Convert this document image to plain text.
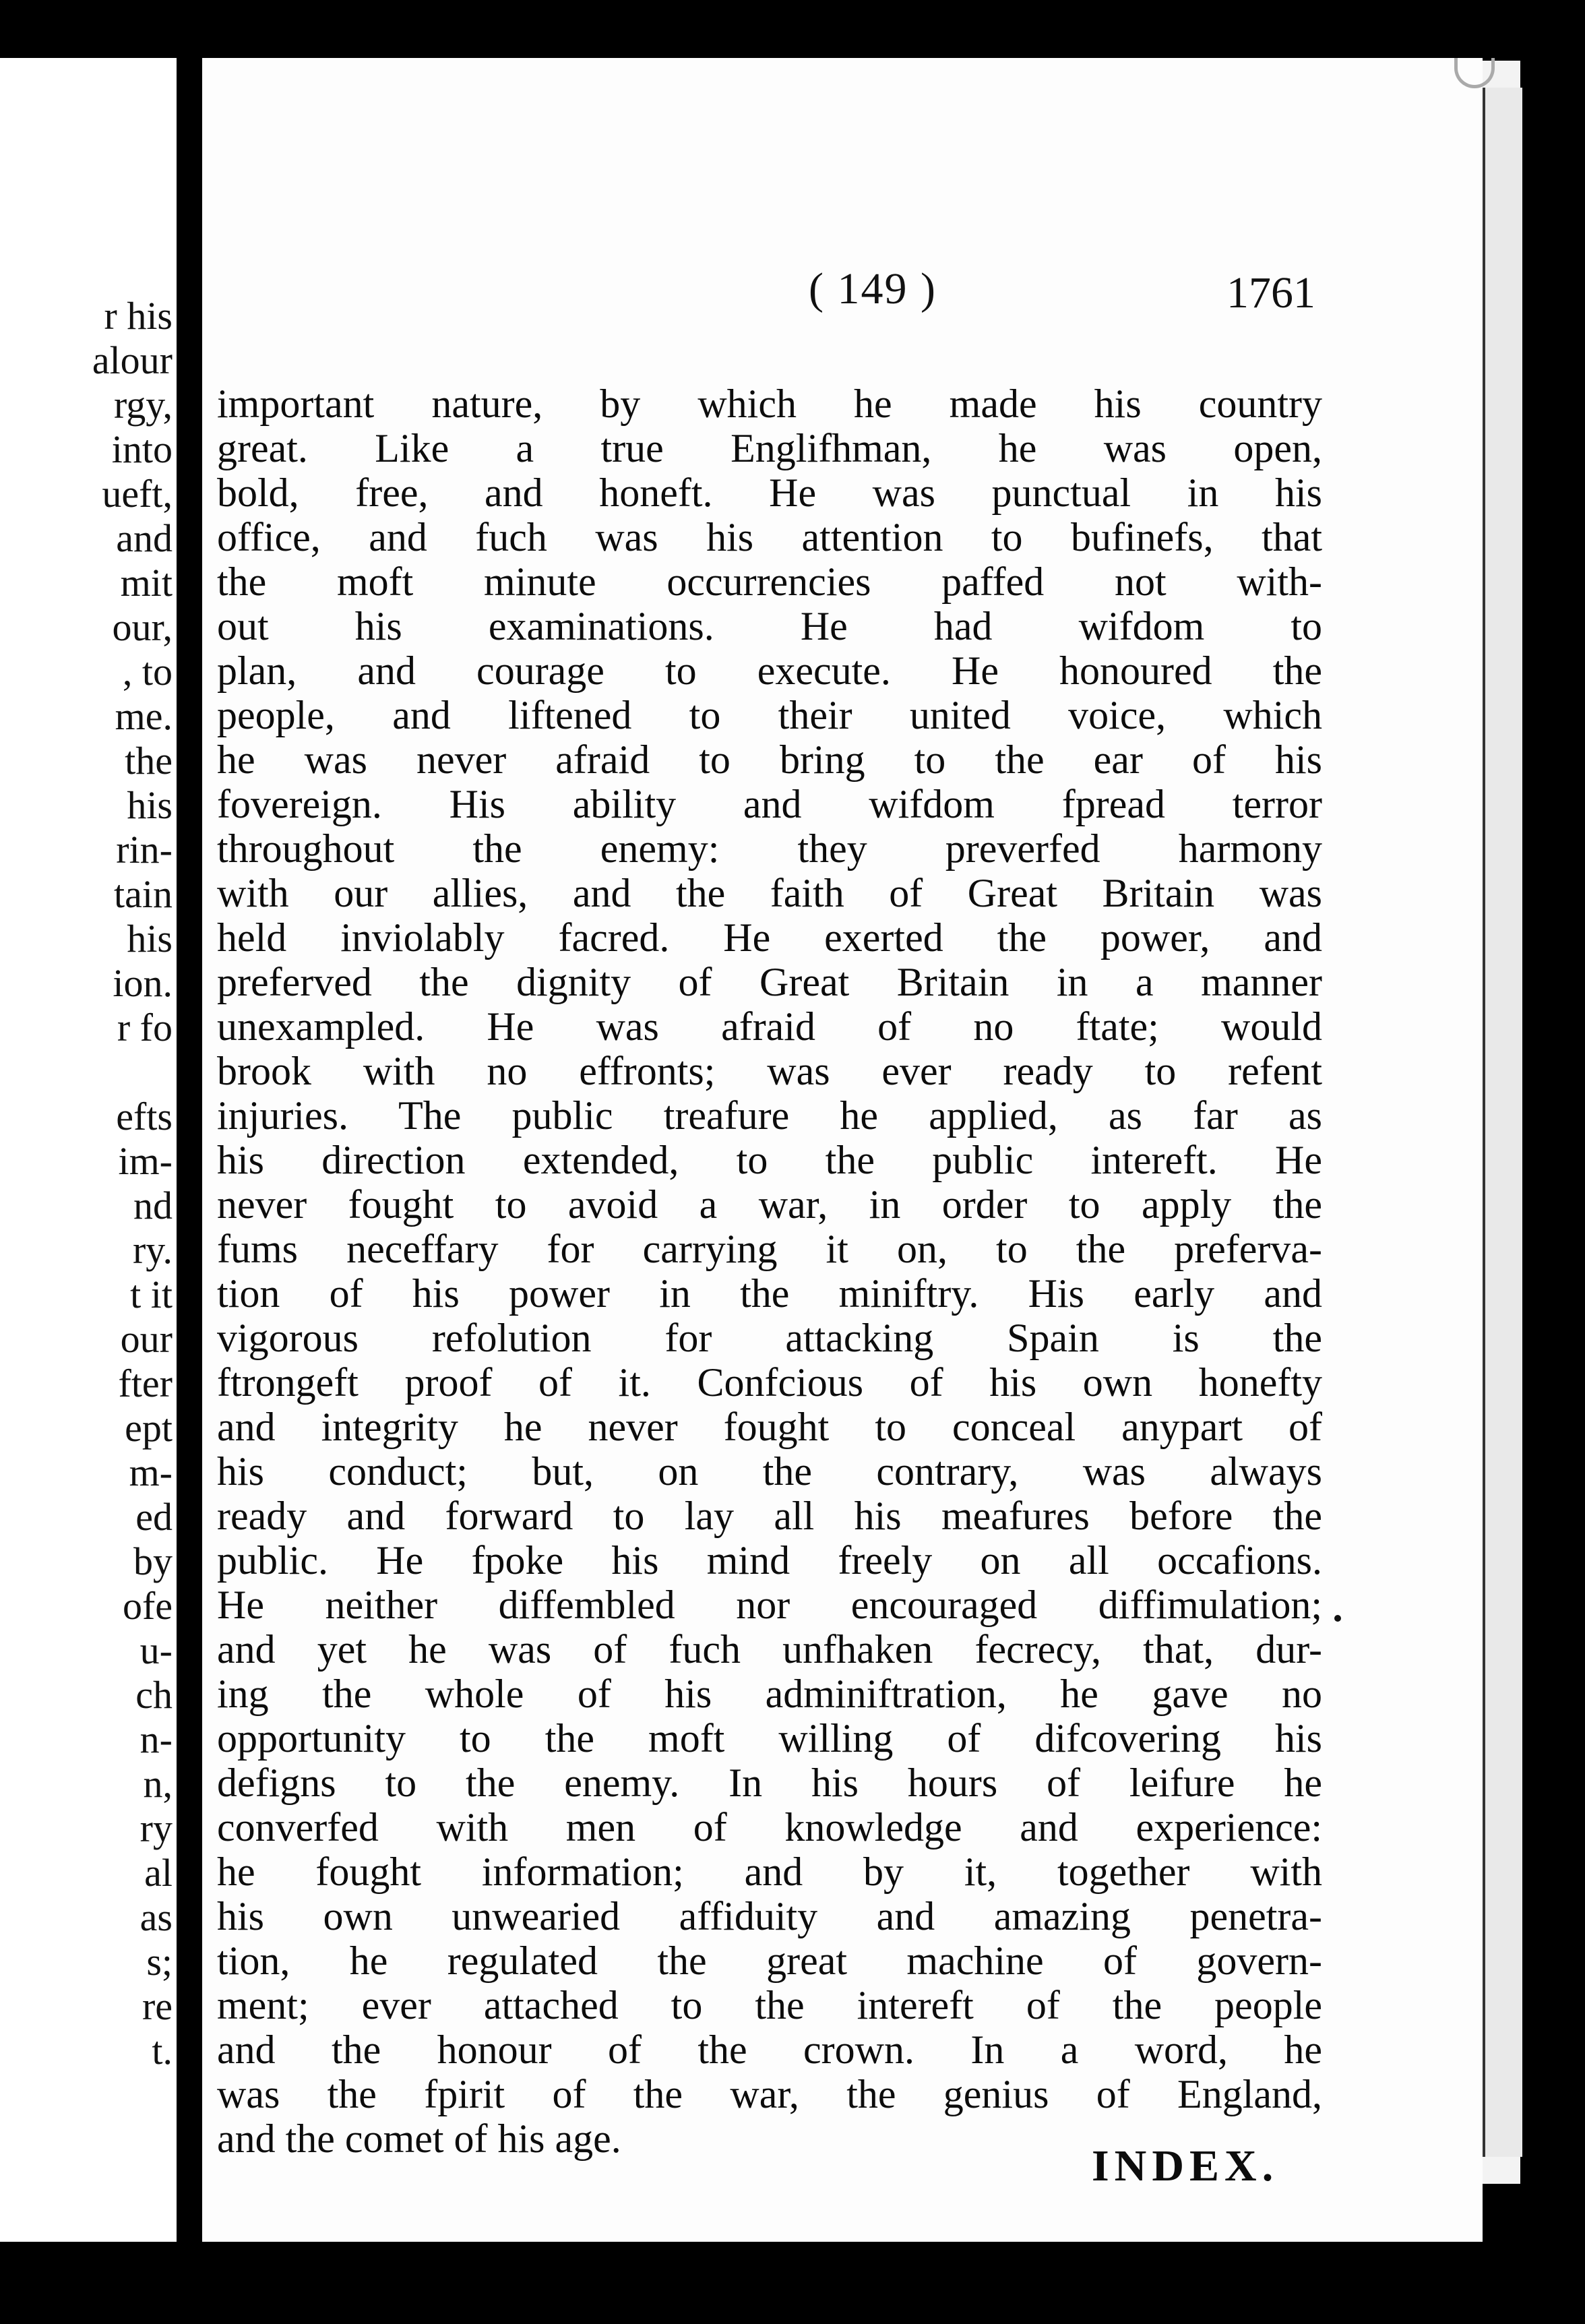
r his
alour
rgy,
into
ueft,
and
mit
our,
, to
me.
the
his
rin-
tain
his
ion.
r fo
efts
im-
nd
ry.
t it
our
fter
ept
m-
ed
by
ofe
u-
ch
n-
n,
ry
al
as
s;
re
t.
( 149 )	1761
important nature, by which he made his country
great. Like a true Englifhman, he was open,
bold, free, and honeft. He was punctual in his
office, and fuch was his attention to bufinefs, that
the moft minute occurrencies paffed not with-
out his examinations. He had wifdom to
plan, and courage to execute. He honoured the
people, and liftened to their united voice, which
he was never afraid to bring to the ear of his
fovereign. His ability and wifdom fpread terror
throughout the enemy: they preverfed harmony
with our allies, and the faith of Great Britain was
held inviolably facred. He exerted the power, and
preferved the dignity of Great Britain in a manner
unexampled. He was afraid of no ftate; would
brook with no effronts; was ever ready to refent
injuries. The public treafure he applied, as far as
his direction extended, to the public intereft. He
never fought to avoid a war, in order to apply the
fums neceffary for carrying it on, to the preferva-
tion of his power in the miniftry. His early and
vigorous refolution for attacking Spain is the
ftrongeft proof of it. Confcious of his own honefty
and integrity he never fought to conceal anypart of
his conduct; but, on the contrary, was always
ready and forward to lay all his meafures before the
public. He fpoke his mind freely on all occafions.
He neither diffembled nor encouraged diffimulation;
and yet he was of fuch unfhaken fecrecy, that, dur-
ing the whole of his adminiftration, he gave no
opportunity to the moft willing of difcovering his
defigns to the enemy. In his hours of leifure he
converfed with men of knowledge and experience:
he fought information; and by it, together with
his own unwearied affiduity and amazing penetra-
tion, he regulated the great machine of govern-
ment; ever attached to the intereft of the people
and the honour of the crown. In a word, he
was the fpirit of the war, the genius of England,
and the comet of his age.
INDEX.
